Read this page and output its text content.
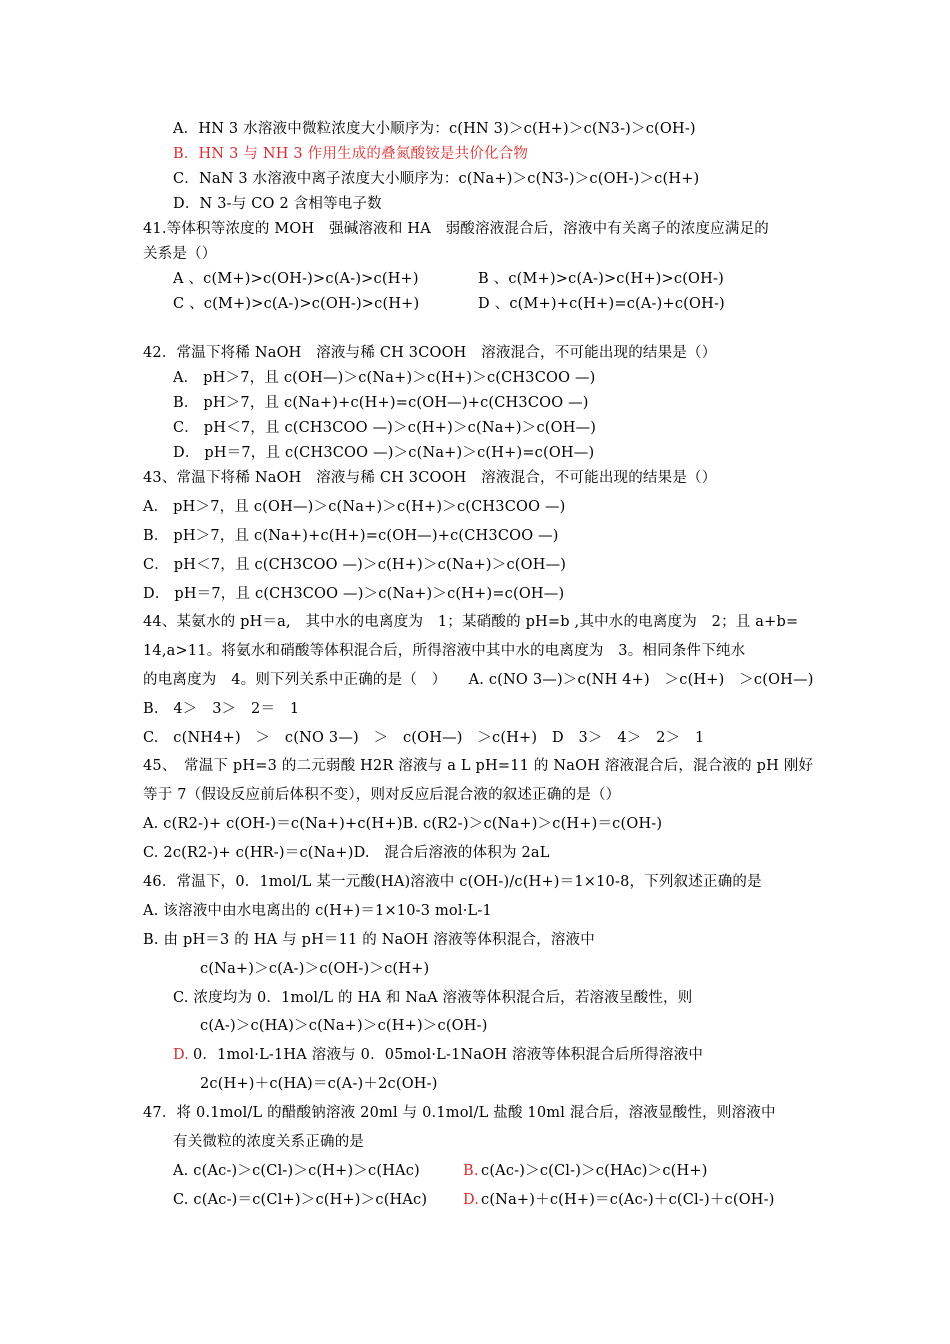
A．HN 3 水溶液中微粒浓度大小顺序为：c(HN 3)＞c(H+)＞c(N3-)＞c(OH-)
B．HN 3 与 NH 3 作用生成的叠氮酸铵是共价化合物
C．NaN 3 水溶液中离子浓度大小顺序为：c(Na+)＞c(N3-)＞c(OH-)＞c(H+)
D．N 3-与 CO 2 含相等电子数
41.等体积等浓度的 MOH　强碱溶液和 HA　弱酸溶液混合后，溶液中有关离子的浓度应满足的
关系是（）
A 、c(M+)>c(OH-)>c(A-)>c(H+)	B 、c(M+)>c(A-)>c(H+)>c(OH-)
C 、c(M+)>c(A-)>c(OH-)>c(H+)	D 、c(M+)+c(H+)=c(A-)+c(OH-)
42．常温下将稀 NaOH　溶液与稀 CH 3COOH　溶液混合，不可能出现的结果是（）
A． pH＞7，且 c(OH—)＞c(Na+)＞c(H+)＞c(CH3COO —)
B． pH＞7，且 c(Na+)+c(H+)=c(OH—)+c(CH3COO —)
C． pH＜7，且 c(CH3COO —)＞c(H+)＞c(Na+)＞c(OH—)
D． pH＝7，且 c(CH3COO —)＞c(Na+)＞c(H+)=c(OH—)
43、常温下将稀 NaOH　溶液与稀 CH 3COOH　溶液混合，不可能出现的结果是（）
A． pH＞7，且 c(OH—)＞c(Na+)＞c(H+)＞c(CH3COO —)
B． pH＞7，且 c(Na+)+c(H+)=c(OH—)+c(CH3COO —)
C． pH＜7，且 c(CH3COO —)＞c(H+)＞c(Na+)＞c(OH—)
D． pH＝7，且 c(CH3COO —)＞c(Na+)＞c(H+)=c(OH—)
44、某氨水的 pH＝a,　其中水的电离度为　1；某硝酸的 pH=b ,其中水的电离度为　2；且 a+b=
14,a>11。将氨水和硝酸等体积混合后，所得溶液中其中水的电离度为　3。相同条件下纯水
的电离度为　4。则下列关系中正确的是（　）　　A. c(NO 3—)＞c(NH 4+)　＞c(H+)　＞c(OH—)
B.　4＞　3＞　2＝　1
C.　c(NH4+)　＞　c(NO 3—)　＞　c(OH—)　＞c(H+)　D　3＞　4＞　2＞　1
45、　常温下 pH=3 的二元弱酸 H2R 溶液与 a L pH=11 的 NaOH 溶液混合后，混合液的 pH 刚好
等于 7（假设反应前后体积不变），则对反应后混合液的叙述正确的是（）
A. c(R2-)+ c(OH-)＝c(Na+)+c(H+)B. c(R2-)＞c(Na+)＞c(H+)＝c(OH-)
C. 2c(R2-)+ c(HR-)＝c(Na+)D.　混合后溶液的体积为 2aL
46．常温下，0．1mol/L 某一元酸(HA)溶液中 c(OH-)/c(H+)＝1×10-8，下列叙述正确的是
A. 该溶液中由水电离出的 c(H+)＝1×10-3 mol·L-1
B. 由 pH＝3 的 HA 与 pH＝11 的 NaOH 溶液等体积混合，溶液中
c(Na+)＞c(A-)＞c(OH-)＞c(H+)
C. 浓度均为 0．1mol/L 的 HA 和 NaA 溶液等体积混合后，若溶液呈酸性，则
c(A-)＞c(HA)＞c(Na+)＞c(H+)＞c(OH-)
D. 0．1mol·L-1HA 溶液与 0．05mol·L-1NaOH 溶液等体积混合后所得溶液中
2c(H+)＋c(HA)＝c(A-)＋2c(OH-)
47．将 0.1mol/L 的醋酸钠溶液 20ml 与 0.1mol/L 盐酸 10ml 混合后，溶液显酸性，则溶液中
有关微粒的浓度关系正确的是
A. c(Ac-)＞c(Cl-)＞c(H+)＞c(HAc)	B. c(Ac-)＞c(Cl-)＞c(HAc)＞c(H+)
C. c(Ac-)＝c(Cl+)＞c(H+)＞c(HAc) D. c(Na+)＋c(H+)＝c(Ac-)＋c(Cl-)＋c(OH-)
